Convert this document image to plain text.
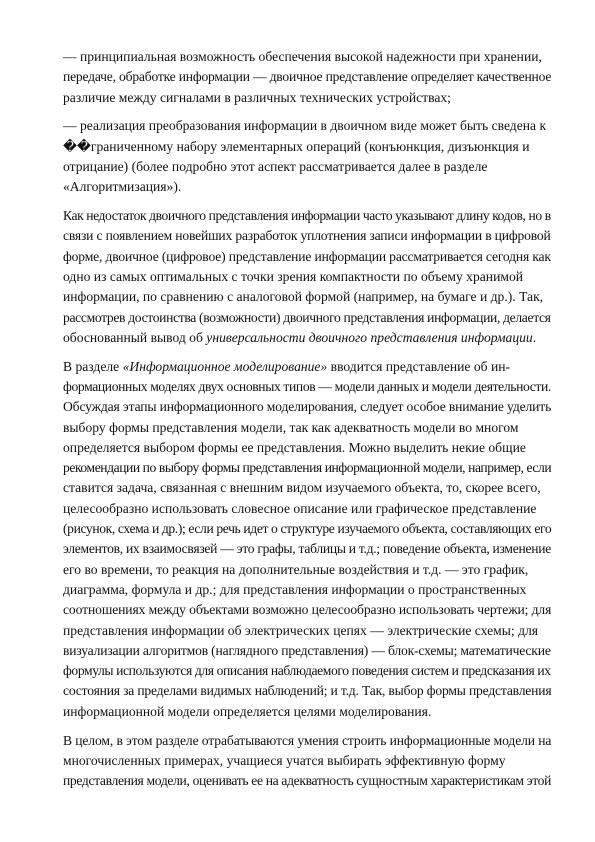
— принципиальная возможность обеспечения высокой надежности при хранении,
передаче, обработке информации — двоичное представление определяет качественное
различие между сигналами в различных технических устройствах;

— реализация преобразования информации в двоичном виде может быть сведена к
��граниченному набору элементарных операций (конъюнкция, дизъюнкция и
отрицание) (более подробно этот аспект рассматривается далее в разделе
«Алгоритмизация»).

Как недостаток двоичного представления информации часто указывают длину кодов, но в
связи с появлением новейших разработок уплотнения записи информации в цифровой
форме, двоичное (цифровое) представление информации рассматривается сегодня как
одно из самых оптимальных с точки зрения компактности по объему хранимой
информации, по сравнению с аналоговой формой (например, на бумаге и др.). Так,
рассмотрев достоинства (возможности) двоичного представления информации, делается
обоснованный вывод об универсальности двоичного представления информации.

В разделе «Информационное моделирование» вводится представление об ин-
формационных моделях двух основных типов — модели данных и модели деятельности.
Обсуждая этапы информационного моделирования, следует особое внимание уделить
выбору формы представления модели, так как адекватность модели во многом
определяется выбором формы ее представления. Можно выделить некие общие
рекомендации по выбору формы представления информационной модели, например, если
ставится задача, связанная с внешним видом изучаемого объекта, то, скорее всего,
целесообразно использовать словесное описание или графическое представление
(рисунок, схема и др.); если речь идет о структуре изучаемого объекта, составляющих его
элементов, их взаимосвязей — это графы, таблицы и т.д.; поведение объекта, изменение
его во времени, то реакция на дополнительные воздействия и т.д. — это график,
диаграмма, формула и др.; для представления информации о пространственных
соотношениях между объектами возможно целесообразно использовать чертежи; для
представления информации об электрических цепях — электрические схемы; для
визуализации алгоритмов (наглядного представления) — блок-схемы; математические
формулы используются для описания наблюдаемого поведения систем и предсказания их
состояния за пределами видимых наблюдений; и т.д. Так, выбор формы представления
информационной модели определяется целями моделирования.

В целом, в этом разделе отрабатываются умения строить информационные модели на
многочисленных примерах, учащиеся учатся выбирать эффективную форму
представления модели, оценивать ее на адекватность сущностным характеристикам этой
